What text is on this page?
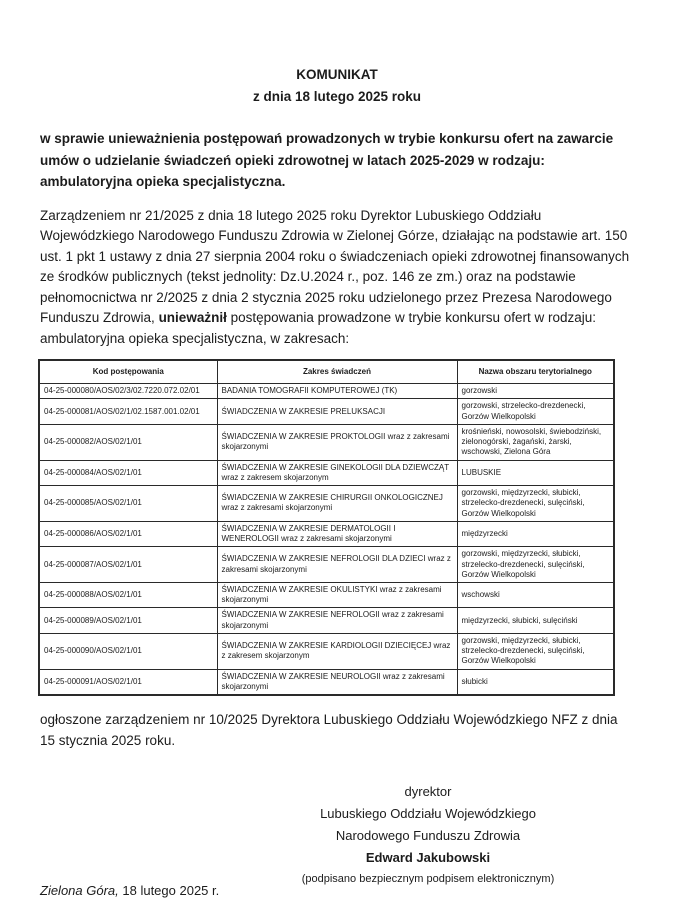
KOMUNIKAT
z dnia 18 lutego 2025 roku

w sprawie unieważnienia postępowań prowadzonych w trybie konkursu ofert na zawarcie umów o udzielanie świadczeń opieki zdrowotnej w latach 2025-2029 w rodzaju: ambulatoryjna opieka specjalistyczna.

Zarządzeniem nr 21/2025 z dnia 18 lutego 2025 roku Dyrektor Lubuskiego Oddziału Wojewódzkiego Narodowego Funduszu Zdrowia w Zielonej Górze, działając na podstawie art. 150 ust. 1 pkt 1 ustawy z dnia 27 sierpnia 2004 roku o świadczeniach opieki zdrowotnej finansowanych ze środków publicznych (tekst jednolity: Dz.U.2024 r., poz. 146 ze zm.) oraz na podstawie pełnomocnictwa nr 2/2025 z dnia 2 stycznia 2025 roku udzielonego przez Prezesa Narodowego Funduszu Zdrowia, unieważnił postępowania prowadzone w trybie konkursu ofert w rodzaju: ambulatoryjna opieka specjalistyczna, w zakresach:

Kod postępowania	Zakres świadczeń	Nazwa obszaru terytorialnego
04-25-000080/AOS/02/3/02.7220.072.02/01	BADANIA TOMOGRAFII KOMPUTEROWEJ (TK)	gorzowski
04-25-000081/AOS/02/1/02.1587.001.02/01	ŚWIADCZENIA W ZAKRESIE PRELUKSACJI	gorzowski, strzelecko-drezdenecki, Gorzów Wielkopolski
04-25-000082/AOS/02/1/01	ŚWIADCZENIA W ZAKRESIE PROKTOLOGII wraz z zakresami skojarzonymi	krośnieński, nowosolski, świebodziński, zielonogórski, żagański, żarski, wschowski, Zielona Góra
04-25-000084/AOS/02/1/01	ŚWIADCZENIA W ZAKRESIE GINEKOLOGII DLA DZIEWCZĄT wraz z zakresem skojarzonym	LUBUSKIE
04-25-000085/AOS/02/1/01	ŚWIADCZENIA W ZAKRESIE CHIRURGII ONKOLOGICZNEJ wraz z zakresami skojarzonymi	gorzowski, międzyrzecki, słubicki, strzelecko-drezdenecki, sulęciński, Gorzów Wielkopolski
04-25-000086/AOS/02/1/01	ŚWIADCZENIA W ZAKRESIE DERMATOLOGII I WENEROLOGII wraz z zakresami skojarzonymi	międzyrzecki
04-25-000087/AOS/02/1/01	ŚWIADCZENIA W ZAKRESIE NEFROLOGII DLA DZIECI wraz z zakresami skojarzonymi	gorzowski, międzyrzecki, słubicki, strzelecko-drezdenecki, sulęciński, Gorzów Wielkopolski
04-25-000088/AOS/02/1/01	ŚWIADCZENIA W ZAKRESIE OKULISTYKI wraz z zakresami skojarzonymi	wschowski
04-25-000089/AOS/02/1/01	ŚWIADCZENIA W ZAKRESIE NEFROLOGII wraz z zakresami skojarzonymi	międzyrzecki, słubicki, sulęciński
04-25-000090/AOS/02/1/01	ŚWIADCZENIA W ZAKRESIE KARDIOLOGII DZIECIĘCEJ wraz z zakresem skojarzonym	gorzowski, międzyrzecki, słubicki, strzelecko-drezdenecki, sulęciński, Gorzów Wielkopolski
04-25-000091/AOS/02/1/01	ŚWIADCZENIA W ZAKRESIE NEUROLOGII wraz z zakresami skojarzonymi	słubicki

ogłoszone zarządzeniem nr 10/2025 Dyrektora Lubuskiego Oddziału Wojewódzkiego NFZ z dnia 15 stycznia 2025 roku.

dyrektor
Lubuskiego Oddziału Wojewódzkiego
Narodowego Funduszu Zdrowia
Edward Jakubowski
(podpisano bezpiecznym podpisem elektronicznym)
Zielona Góra, 18 lutego 2025 r.
